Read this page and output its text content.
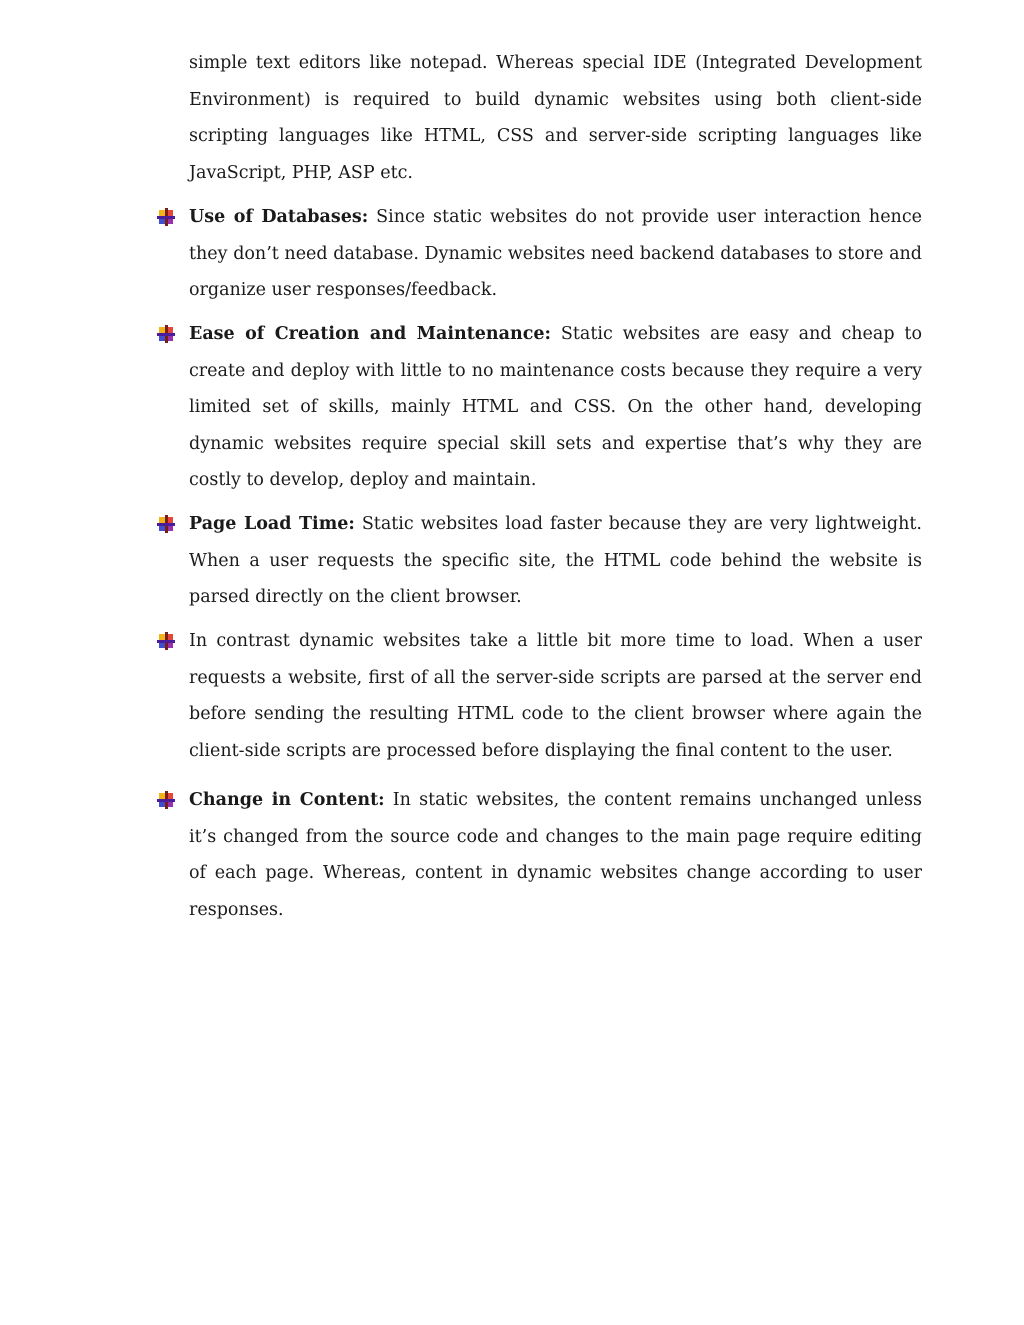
simple text editors like notepad. Whereas special IDE (Integrated Development Environment) is required to build dynamic websites using both client-side scripting languages like HTML, CSS and server-side scripting languages like JavaScript, PHP, ASP etc.

Use of Databases: Since static websites do not provide user interaction hence they don’t need database. Dynamic websites need backend databases to store and organize user responses/feedback.

Ease of Creation and Maintenance: Static websites are easy and cheap to create and deploy with little to no maintenance costs because they require a very limited set of skills, mainly HTML and CSS. On the other hand, developing dynamic websites require special skill sets and expertise that’s why they are costly to develop, deploy and maintain.

Page Load Time: Static websites load faster because they are very lightweight. When a user requests the specific site, the HTML code behind the website is parsed directly on the client browser.

In contrast dynamic websites take a little bit more time to load. When a user requests a website, first of all the server-side scripts are parsed at the server end before sending the resulting HTML code to the client browser where again the client-side scripts are processed before displaying the final content to the user.

Change in Content: In static websites, the content remains unchanged unless it’s changed from the source code and changes to the main page require editing of each page. Whereas, content in dynamic websites change according to user responses.
